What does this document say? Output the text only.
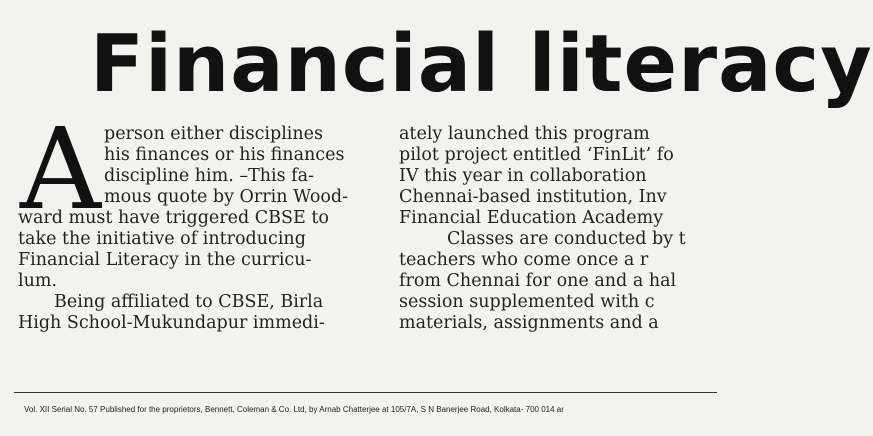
Financial literacy
A person either disciplines
his finances or his finances
discipline him. –This fa-
mous quote by Orrin Wood-
ward must have triggered CBSE to
take the initiative of introducing
Financial Literacy in the curricu-
lum.
Being affiliated to CBSE, Birla
High School-Mukundapur immedi-
ately launched this program
pilot project entitled ‘FinLit’ fo
IV this year in collaboration
Chennai-based institution, Inv
Financial Education Academy
Classes are conducted by t
teachers who come once a r
from Chennai for one and a hal
session supplemented with c
materials, assignments and a
Vol. XII Serial No. 57 Published for the proprietors, Bennett, Coleman & Co. Ltd, by Arnab Chatterjee at 105/7A, S N Banerjee Road, Kolkata- 700 014 ar
